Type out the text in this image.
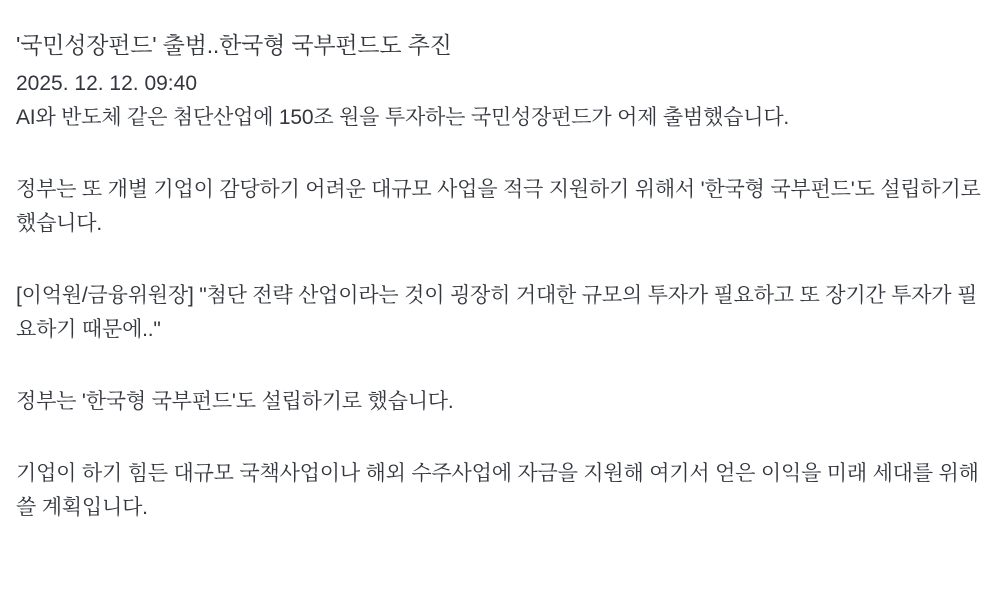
'국민성장펀드' 출범..한국형 국부펀드도 추진
2025. 12. 12. 09:40

AI와 반도체 같은 첨단산업에 150조 원을 투자하는 국민성장펀드가 어제 출범했습니다.

정부는 또 개별 기업이 감당하기 어려운 대규모 사업을 적극 지원하기 위해서 '한국형 국부펀드'도 설립하기로 했습니다.

[이억원/금융위원장] "첨단 전략 산업이라는 것이 굉장히 거대한 규모의 투자가 필요하고 또 장기간 투자가 필요하기 때문에.."

정부는 '한국형 국부펀드'도 설립하기로 했습니다.

기업이 하기 힘든 대규모 국책사업이나 해외 수주사업에 자금을 지원해 여기서 얻은 이익을 미래 세대를 위해 쓸 계획입니다.
